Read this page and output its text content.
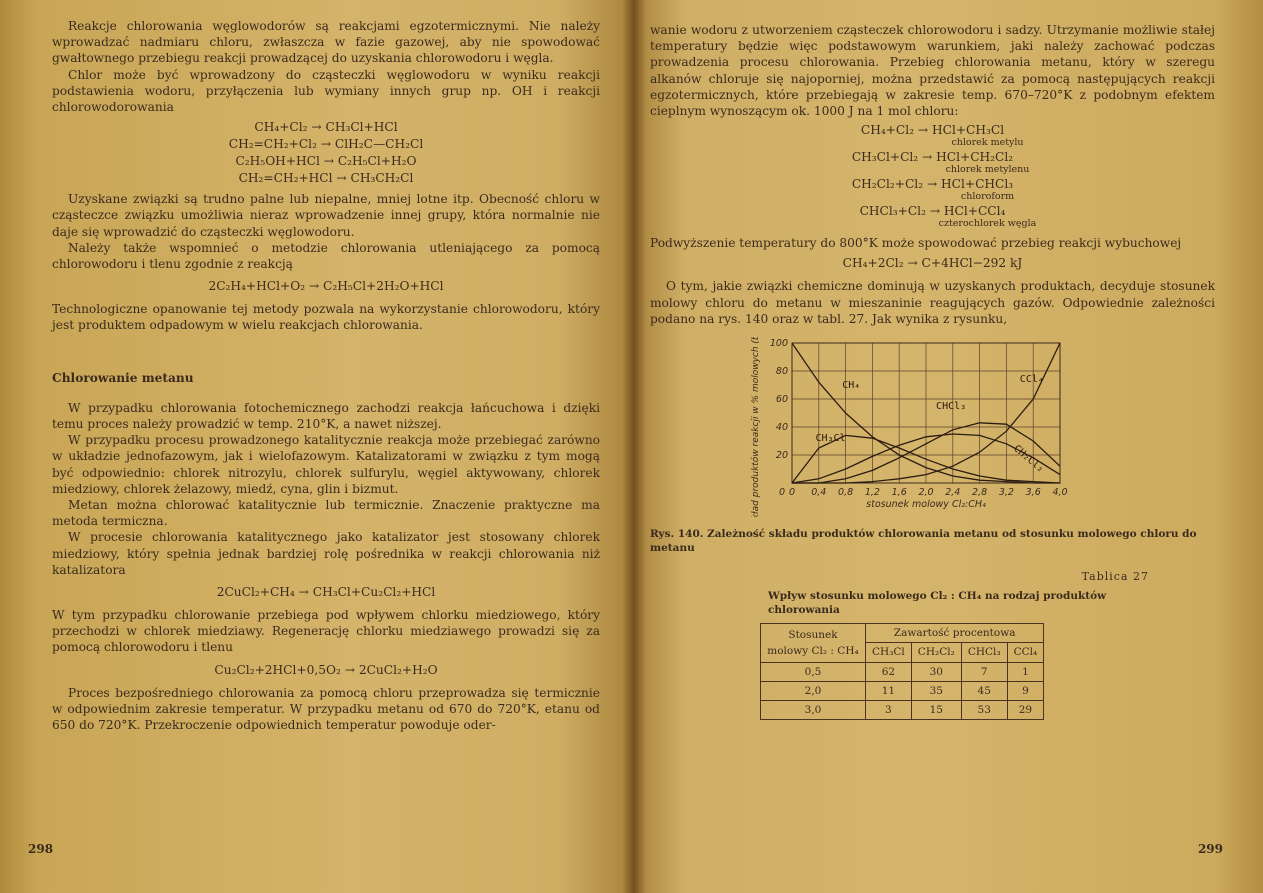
Reakcje chlorowania węglowodorów są reakcjami egzotermicznymi. Nie należy wprowadzać nadmiaru chloru, zwłaszcza w fazie gazowej, aby nie spowodować gwałtownego przebiegu reakcji prowadzącej do uzyskania chlorowodoru i węgla.

Chlor może być wprowadzony do cząsteczki węglowodoru w wyniku reakcji podstawienia wodoru, przyłączenia lub wymiany innych grup np. OH i reakcji chlorowodorowania

CH₄+Cl₂ → CH₃Cl+HCl
CH₂=CH₂+Cl₂ → ClH₂C—CH₂Cl
C₂H₅OH+HCl → C₂H₅Cl+H₂O
CH₂=CH₂+HCl → CH₃CH₂Cl

Uzyskane związki są trudno palne lub niepalne, mniej lotne itp. Obecność chloru w cząsteczce związku umożliwia nieraz wprowadzenie innej grupy, która normalnie nie daje się wprowadzić do cząsteczki węglowodoru.

Należy także wspomnieć o metodzie chlorowania utleniającego za pomocą chlorowodoru i tlenu zgodnie z reakcją

2C₂H₄+HCl+O₂ → C₂H₅Cl+2H₂O+HCl

Technologiczne opanowanie tej metody pozwala na wykorzystanie chlorowodoru, który jest produktem odpadowym w wielu reakcjach chlorowania.

Chlorowanie metanu

W przypadku chlorowania fotochemicznego zachodzi reakcja łańcuchowa i dzięki temu proces należy prowadzić w temp. 210°K, a nawet niższej.

W przypadku procesu prowadzonego katalitycznie reakcja może przebiegać zarówno w układzie jednofazowym, jak i wielofazowym. Katalizatorami w związku z tym mogą być odpowiednio: chlorek nitrozylu, chlorek sulfurylu, węgiel aktywowany, chlorek miedziowy, chlorek żelazowy, miedź, cyna, glin i bizmut.

Metan można chlorować katalitycznie lub termicznie. Znaczenie praktyczne ma metoda termiczna.

W procesie chlorowania katalitycznego jako katalizator jest stosowany chlorek miedziowy, który spełnia jednak bardziej rolę pośrednika w reakcji chlorowania niż katalizatora

2CuCl₂+CH₄ → CH₃Cl+Cu₂Cl₂+HCl

W tym przypadku chlorowanie przebiega pod wpływem chlorku miedziowego, który przechodzi w chlorek miedziawy. Regenerację chlorku miedziawego prowadzi się za pomocą chlorowodoru i tlenu

Cu₂Cl₂+2HCl+0,5O₂ → 2CuCl₂+H₂O

Proces bezpośredniego chlorowania za pomocą chloru przeprowadza się termicznie w odpowiednim zakresie temperatur. W przypadku metanu od 670 do 720°K, etanu od 650 do 720°K. Przekroczenie odpowiednich temperatur powoduje oder-

298

wanie wodoru z utworzeniem cząsteczek chlorowodoru i sadzy. Utrzymanie możliwie stałej temperatury będzie więc podstawowym warunkiem, jaki należy zachować podczas prowadzenia procesu chlorowania. Przebieg chlorowania metanu, który w szeregu alkanów chloruje się najoporniej, można przedstawić za pomocą następujących reakcji egzotermicznych, które przebiegają w zakresie temp. 670–720°K z podobnym efektem cieplnym wynoszącym ok. 1000 J na 1 mol chloru:

CH₄+Cl₂ → HCl+CH₃Cl
chlorek metylu
CH₃Cl+Cl₂ → HCl+CH₂Cl₂
chlorek metylenu
CH₂Cl₂+Cl₂ → HCl+CHCl₃
chloroform
CHCl₃+Cl₂ → HCl+CCl₄
czterochlorek węgla

Podwyższenie temperatury do 800°K może spowodować przebieg reakcji wybuchowej

CH₄+2Cl₂ → C+4HCl−292 kJ

O tym, jakie związki chemiczne dominują w uzyskanych produktach, decyduje stosunek molowy chloru do metanu w mieszaninie reagujących gazów. Odpowiednie zależności podano na rys. 140 oraz w tabl. 27. Jak wynika z rysunku,

0 0,4 0,8 1,2 1,6 2,0 2,4 2,8 3,2 3,6 4,0
20
40
60
80
100
0
CH₄
CH₃Cl
CH₂Cl₂
CHCl₃
CCl₄
stosunek molowy Cl₂:CH₄
skład produktów reakcji w % molowych (bez HCl)
Rys. 140. Zależność składu produktów chlorowania metanu od stosunku molowego chloru do metanu
Tablica 27
Wpływ stosunku molowego Cl₂ : CH₄ na rodzaj produktów chlorowania
Stosunek molowy Cl₂ : CH₄	Zawartość procentowa			
	CH₃Cl	CH₂Cl₂	CHCl₃	CCl₄
0,5	62	30	7	1
2,0	11	35	45	9
3,0	3	15	53	29
299
